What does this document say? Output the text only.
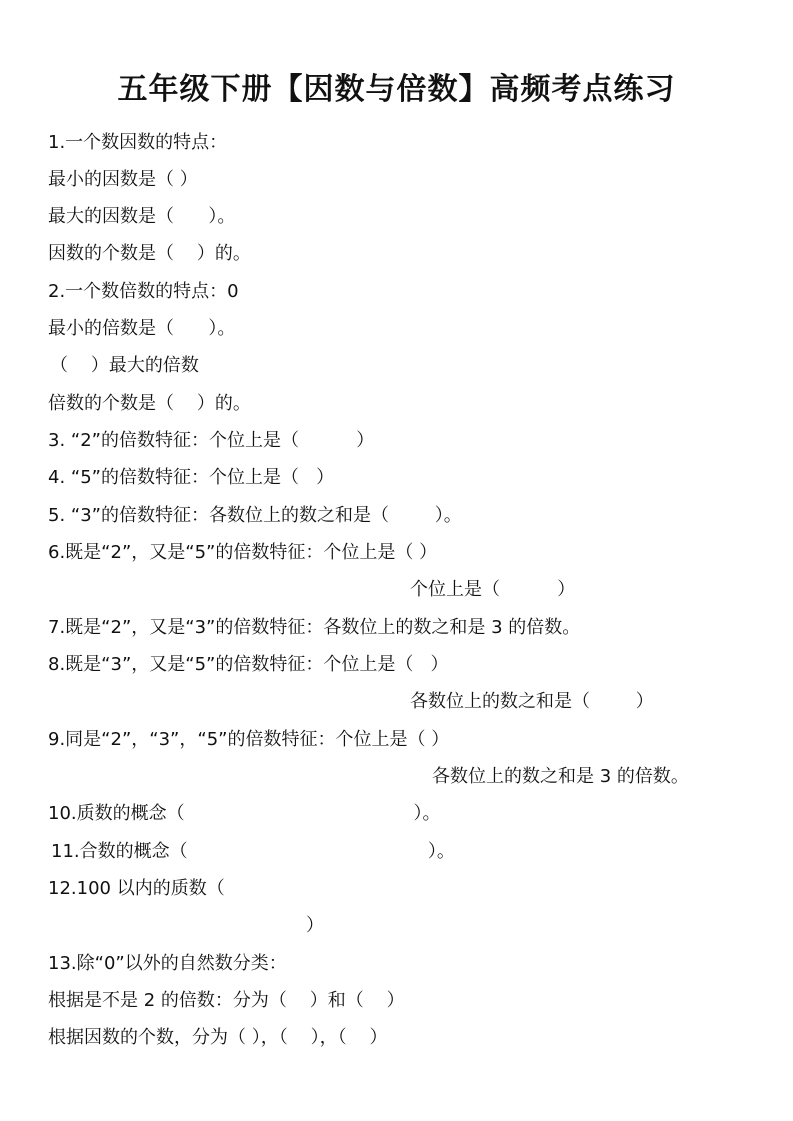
五年级下册【因数与倍数】高频考点练习
1.一个数因数的特点：
最小的因数是（ ）
最大的因数是（      ）。
因数的个数是（    ）的。
2.一个数倍数的特点：0
最小的倍数是（      ）。
（    ）最大的倍数
倍数的个数是（    ）的。
3. “2”的倍数特征：个位上是（          ）
4. “5”的倍数特征：个位上是（   ）
5. “3”的倍数特征：各数位上的数之和是（        ）。
6.既是“2”，又是“5”的倍数特征：个位上是（ ）
个位上是（          ）
7.既是“2”，又是“3”的倍数特征：各数位上的数之和是 3 的倍数。
8.既是“3”，又是“5”的倍数特征：个位上是（   ）
各数位上的数之和是（        ）
9.同是“2”，“3”，“5”的倍数特征：个位上是（ ）
各数位上的数之和是 3 的倍数。
10.质数的概念（                                        ）。
11.合数的概念（                                          ）。
12.100 以内的质数（
）
13.除“0”以外的自然数分类：
根据是不是 2 的倍数：分为（    ）和（    ）
根据因数的个数，分为（ ），（    ），（    ）
